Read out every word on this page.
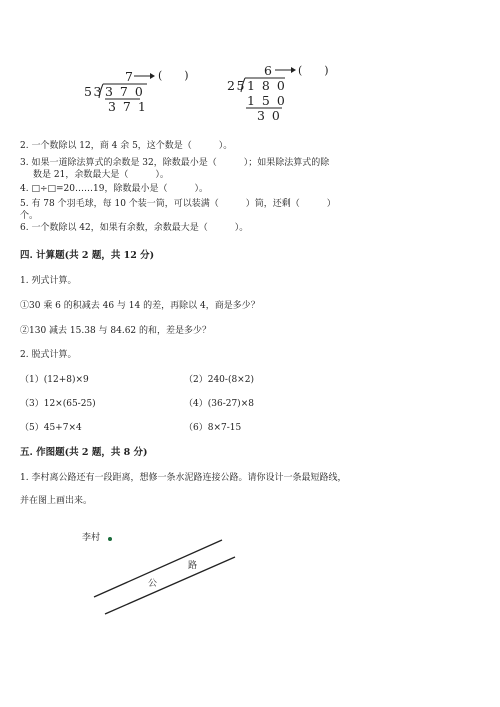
7 (　　)
53 3 7 0
3 7 1
6 (　　)
25 1 8 0
1 5 0
3 0
2. 一个数除以 12，商 4 余 5，这个数是（　　　）。
3. 如果一道除法算式的余数是 32，除数最小是（　　　）；如果除法算式的除
数是 21，余数最大是（　　　）。
4. □÷□=20……19，除数最小是（　　　）。
5. 有 78 个羽毛球，每 10 个装一筒，可以装满（　　　）筒，还剩（　　　）
个。
6. 一个数除以 42，如果有余数，余数最大是（　　　）。
四. 计算题(共 2 题，共 12 分)
1. 列式计算。
①30 乘 6 的积减去 46 与 14 的差，再除以 4，商是多少？
②130 减去 15.38 与 84.62 的和，差是多少？
2. 脱式计算。
（1）(12+8)×9	（2）240-(8×2)
（3）12×(65-25)	（4）(36-27)×8
（5）45+7×4	（6）8×7-15
五. 作图题(共 2 题，共 8 分)
1. 李村离公路还有一段距离，想修一条水泥路连接公路。请你设计一条最短路线，
并在图上画出来。
李村
路
公
